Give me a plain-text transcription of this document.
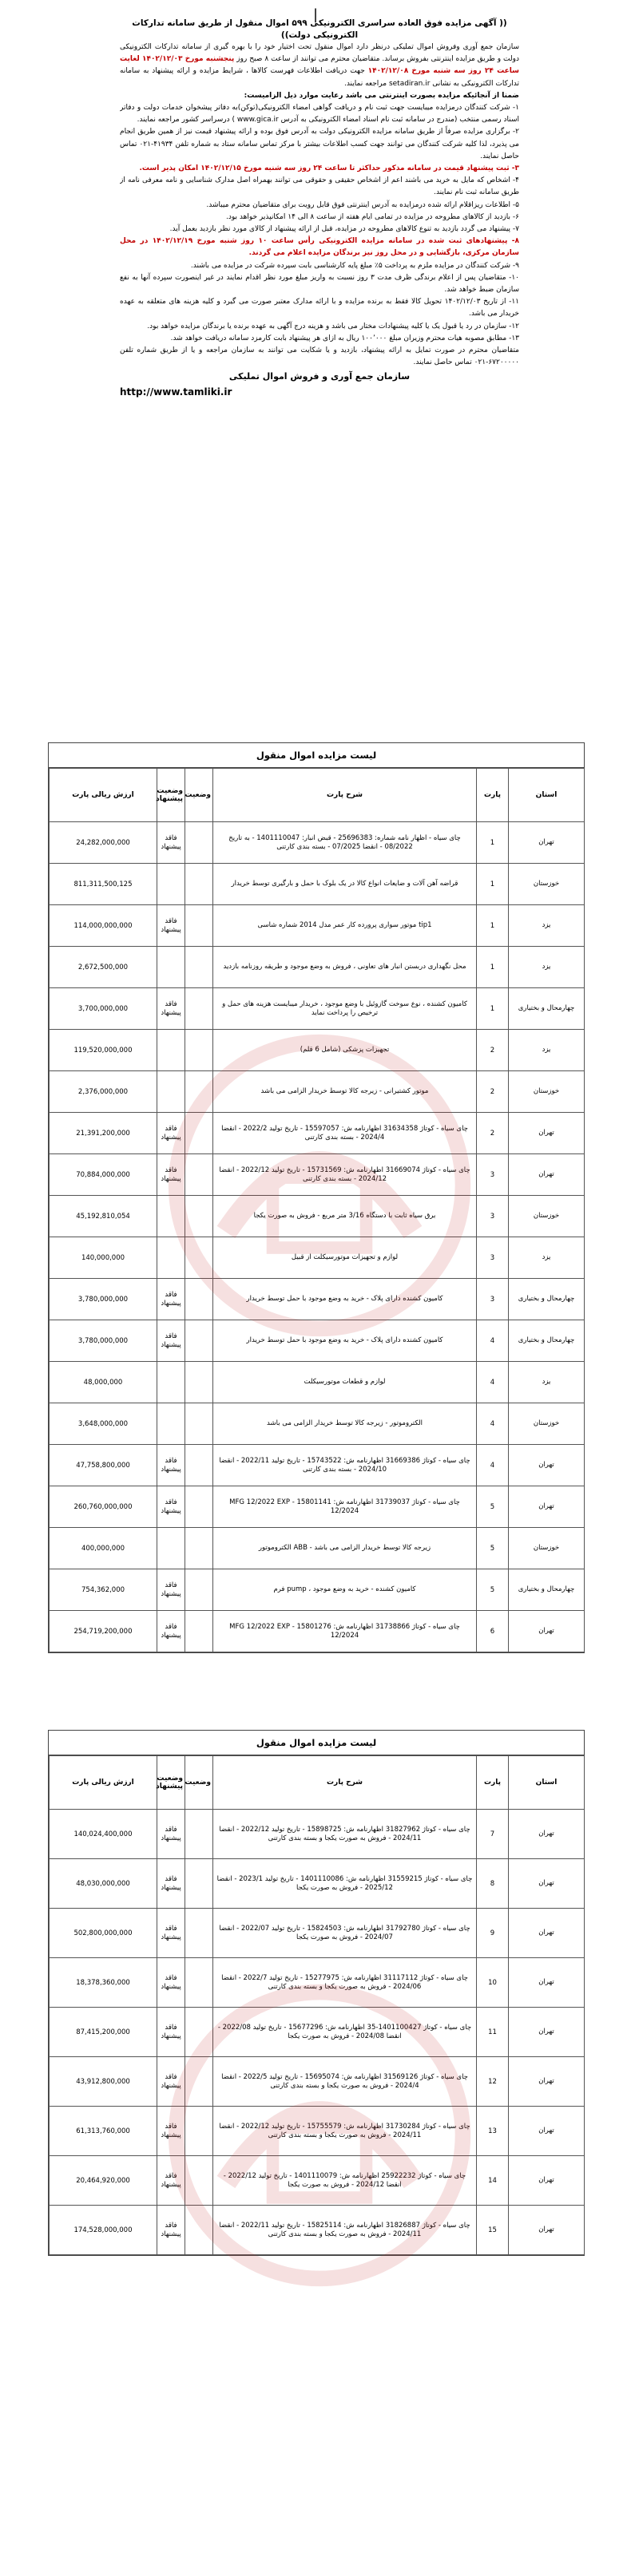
|

(( آگهی مزایده فوق العاده سراسری الکترونیکی ۵۹۹ اموال منقول از طریق سامانه تدارکات الکترونیکی دولت))

سازمان جمع آوری وفروش اموال تملیکی درنظر دارد اموال منقول تحت اختیار خود را با بهره گیری از سامانه تدارکات الکترونیکی دولت و طریق مزایده اینترنتی بفروش برساند. متقاضیان محترم می توانند از ساعت ۸ صبح روز پنجشنبه مورخ ۱۴۰۲/۱۲/۰۳ لغایت ساعت ۲۴ روز سه شنبه مورخ ۱۴۰۲/۱۲/۰۸ جهت دریافت اطلاعات فهرست کالاها ، شرایط مزایده و ارائه پیشنهاد به سامانه تدارکات الکترونیکی به نشانی setadiran.ir مراجعه نمایند.

ضمنا از آنجائیکه مزایده بصورت اینترنتی می باشد رعایت موارد ذیل الزامیست:

۱- شرکت کنندگان درمزایده میبایست جهت ثبت نام و دریافت گواهی امضاء الکترونیکی(توکن)به دفاتر پیشخوان خدمات دولت و دفاتر اسناد رسمی منتخب (مندرج در سامانه ثبت نام اسناد امضاء الکترونیکی به آدرس www.gica.ir ) درسراسر کشور مراجعه نمایند.

۲- برگزاری مزایده صرفاً از طریق سامانه مزایده الکترونیکی دولت به آدرس فوق بوده و ارائه پیشنهاد قیمت نیز از همین طریق انجام می پذیرد، لذا کلیه شرکت کنندگان می توانند جهت کسب اطلاعات بیشتر با مرکز تماس سامانه ستاد به شماره تلفن ۴۱۹۳۴-۰۲۱ تماس حاصل نمایند.

۳- ثبت پیشنهاد قیمت در سامانه مذکور حداکثر تا ساعت ۲۴ روز سه شنبه مورخ ۱۴۰۲/۱۲/۱۵ امکان پذیر است.

۴- اشخاص که مایل به خرید می باشند اعم از اشخاص حقیقی و حقوقی می توانند بهمراه اصل مدارک شناسایی و نامه معرفی نامه از طریق سامانه ثبت نام نمایند.

۵- اطلاعات ریزاقلام ارائه شده درمزایده به آدرس اینترنتی فوق قابل رویت برای متقاضیان محترم میباشد.

۶- بازدید از کالاهای مطروحه در مزایده در تمامی ایام هفته از ساعت ۸ الی ۱۴ امکانپذیر خواهد بود.

۷- پیشنهاد می گردد بازدید به تنوع کالاهای مطروحه در مزایده، قبل از ارائه پیشنهاد از کالای مورد نظر بازدید بعمل آید.

۸- پیشنهادهای ثبت شده در سامانه مزایده الکترونیکی رأس ساعت ۱۰ روز شنبه مورخ ۱۴۰۲/۱۲/۱۹ در محل سازمان مرکزی، بازگشایی و در محل روز نیز برندگان مزایده اعلام می گردند.

۹- شرکت کنندگان در مزایده ملزم به پرداخت ۵٪ مبلغ پایه کارشناسی بابت سپرده شرکت در مزایده می باشند.

۱۰- متقاضیان پس از اعلام برندگی ظرف مدت ۳ روز نسبت به واریز مبلغ مورد نظر اقدام نمایند در غیر اینصورت سپرده آنها به نفع سازمان ضبط خواهد شد.

۱۱- از تاریخ ۱۴۰۲/۱۲/۰۳ تحویل کالا فقط به برنده مزایده و با ارائه مدارک معتبر صورت می گیرد و کلیه هزینه های متعلقه به عهده خریدار می باشد.

۱۲- سازمان در رد یا قبول یک یا کلیه پیشنهادات مختار می باشد و هزینه درج آگهی به عهده برنده یا برندگان مزایده خواهد بود.

۱۳- مطابق مصوبه هیات محترم وزیران مبلغ ۱۰۰٬۰۰۰ ریال به ازای هر پیشنهاد بابت کارمزد سامانه دریافت خواهد شد.

متقاضیان محترم در صورت تمایل به ارائه پیشنهاد، بازدید و یا شکایت می توانند به سازمان مراجعه و یا از طریق شماره تلفن ۶۷۲۰۰۰۰۰-۰۲۱ تماس حاصل نمایند.

سازمان جمع آوری و فروش اموال تملیکی

http://www.tamliki.ir

لیست مزایده اموال منقول
استان	پارت	شرح پارت	وضعیت	وضعیت پیشنهاد	ارزش ریالی پارت
تهران	1	چای سیاه - اظهار نامه شماره: 25696383 - قبض انبار: 1401110047 - به تاریخ 08/2022 - انقضا 07/2025 - بسته بندی کارتنی		فاقد پیشنهاد	24,282,000,000
خوزستان	1	قراضه آهن آلات و ضایعات انواع کالا در یک بلوک با حمل و بارگیری توسط خریدار			811,311,500,125
یزد	1	tip1 موتور سواری پرورده کار عمر مدل 2014 شماره شاسی		فاقد پیشنهاد	114,000,000,000
یزد	1	محل نگهداری دربستن انبار های تعاونی ، فروش به وضع موجود و طریقه روزنامه بازدید			2,672,500,000
چهارمحال و بختیاری	1	کامیون کشنده ، نوع سوخت گازوئیل با وضع موجود ، خریدار میبایست هزینه های حمل و ترخیص را پرداخت نماید		فاقد پیشنهاد	3,700,000,000
یزد	2	تجهیزات پزشکی (شامل 6 قلم)			119,520,000,000
خوزستان	2	موتور کشتیرانی - زیرجه کالا توسط خریدار الزامی می باشد			2,376,000,000
تهران	2	چای سیاه - کوتاژ 31634358 اظهارنامه ش: 15597057 - تاریخ تولید 2022/2 - انقضا 2024/4 - بسته بندی کارتنی		فاقد پیشنهاد	21,391,200,000
تهران	3	چای سیاه - کوتاژ 31669074 اظهارنامه ش: 15731569 - تاریخ تولید 2022/12 - انقضا 2024/12 - بسته بندی کارتنی		فاقد پیشنهاد	70,884,000,000
خوزستان	3	برق سیاه ثابت با دستگاه 3/16 متر مربع - فروش به صورت یکجا			45,192,810,054
یزد	3	لوازم و تجهیزات موتورسیکلت از قبیل			140,000,000
چهارمحال و بختیاری	3	کامیون کشنده دارای پلاک - خرید به وضع موجود با حمل توسط خریدار		فاقد پیشنهاد	3,780,000,000
چهارمحال و بختیاری	4	کامیون کشنده دارای پلاک - خرید به وضع موجود با حمل توسط خریدار		فاقد پیشنهاد	3,780,000,000
یزد	4	لوازم و قطعات موتورسیکلت			48,000,000
خوزستان	4	الکتروموتور - زیرجه کالا توسط خریدار الزامی می باشد			3,648,000,000
تهران	4	چای سیاه - کوتاژ 31669386 اظهارنامه ش: 15743522 - تاریخ تولید 2022/11 - انقضا 2024/10 - بسته بندی کارتنی		فاقد پیشنهاد	47,758,800,000
تهران	5	چای سیاه - کوتاژ 31739037 اظهارنامه ش: 15801141 - MFG 12/2022 EXP 12/2024		فاقد پیشنهاد	260,760,000,000
خوزستان	5	زیرجه کالا توسط خریدار الزامی می باشد - ABB الکتروموتور			400,000,000
چهارمحال و بختیاری	5	کامیون کشنده - خرید به وضع موجود ، pump فرم		فاقد پیشنهاد	754,362,000
تهران	6	چای سیاه - کوتاژ 31738866 اظهارنامه ش: 15801276 - MFG 12/2022 EXP 12/2024		فاقد پیشنهاد	254,719,200,000
لیست مزایده اموال منقول
استان	پارت	شرح پارت	وضعیت	وضعیت پیشنهاد	ارزش ریالی پارت
تهران	7	چای سیاه - کوتاژ 31827962 اظهارنامه ش: 15898725 - تاریخ تولید 2022/12 - انقضا 2024/11 - فروش به صورت یکجا و بسته بندی کارتنی		فاقد پیشنهاد	140,024,400,000
تهران	8	چای سیاه - کوتاژ 31559215 اظهارنامه ش: 1401110086 - تاریخ تولید 2023/1 - انقضا 2025/12 - فروش به صورت یکجا		فاقد پیشنهاد	48,030,000,000
تهران	9	چای سیاه - کوتاژ 31792780 اظهارنامه ش: 15824503 - تاریخ تولید 2022/07 - انقضا 2024/07 - فروش به صورت یکجا		فاقد پیشنهاد	502,800,000,000
تهران	10	چای سیاه - کوتاژ 31117112 اظهارنامه ش: 15277975 - تاریخ تولید 2022/7 - انقضا 2024/06 - فروش به صورت یکجا و بسته بندی کارتنی		فاقد پیشنهاد	18,378,360,000
تهران	11	چای سیاه - کوتاژ 1401100427-35 اظهارنامه ش: 15677296 - تاریخ تولید 2022/08 - انقضا 2024/08 - فروش به صورت یکجا		فاقد پیشنهاد	87,415,200,000
تهران	12	چای سیاه - کوتاژ 31569126 اظهارنامه ش: 15695074 - تاریخ تولید 2022/5 - انقضا 2024/4 - فروش به صورت یکجا و بسته بندی کارتنی		فاقد پیشنهاد	43,912,800,000
تهران	13	چای سیاه - کوتاژ 31730284 اظهارنامه ش: 15755579 - تاریخ تولید 2022/12 - انقضا 2024/11 - فروش به صورت یکجا و بسته بندی کارتنی		فاقد پیشنهاد	61,313,760,000
تهران	14	چای سیاه - کوتاژ 25922232 اظهارنامه ش: 1401110079 - تاریخ تولید 2022/12 - انقضا 2024/12 - فروش به صورت یکجا		فاقد پیشنهاد	20,464,920,000
تهران	15	چای سیاه - کوتاژ 31826887 اظهارنامه ش: 15825114 - تاریخ تولید 2022/11 - انقضا 2024/11 - فروش به صورت یکجا و بسته بندی کارتنی		فاقد پیشنهاد	174,528,000,000
